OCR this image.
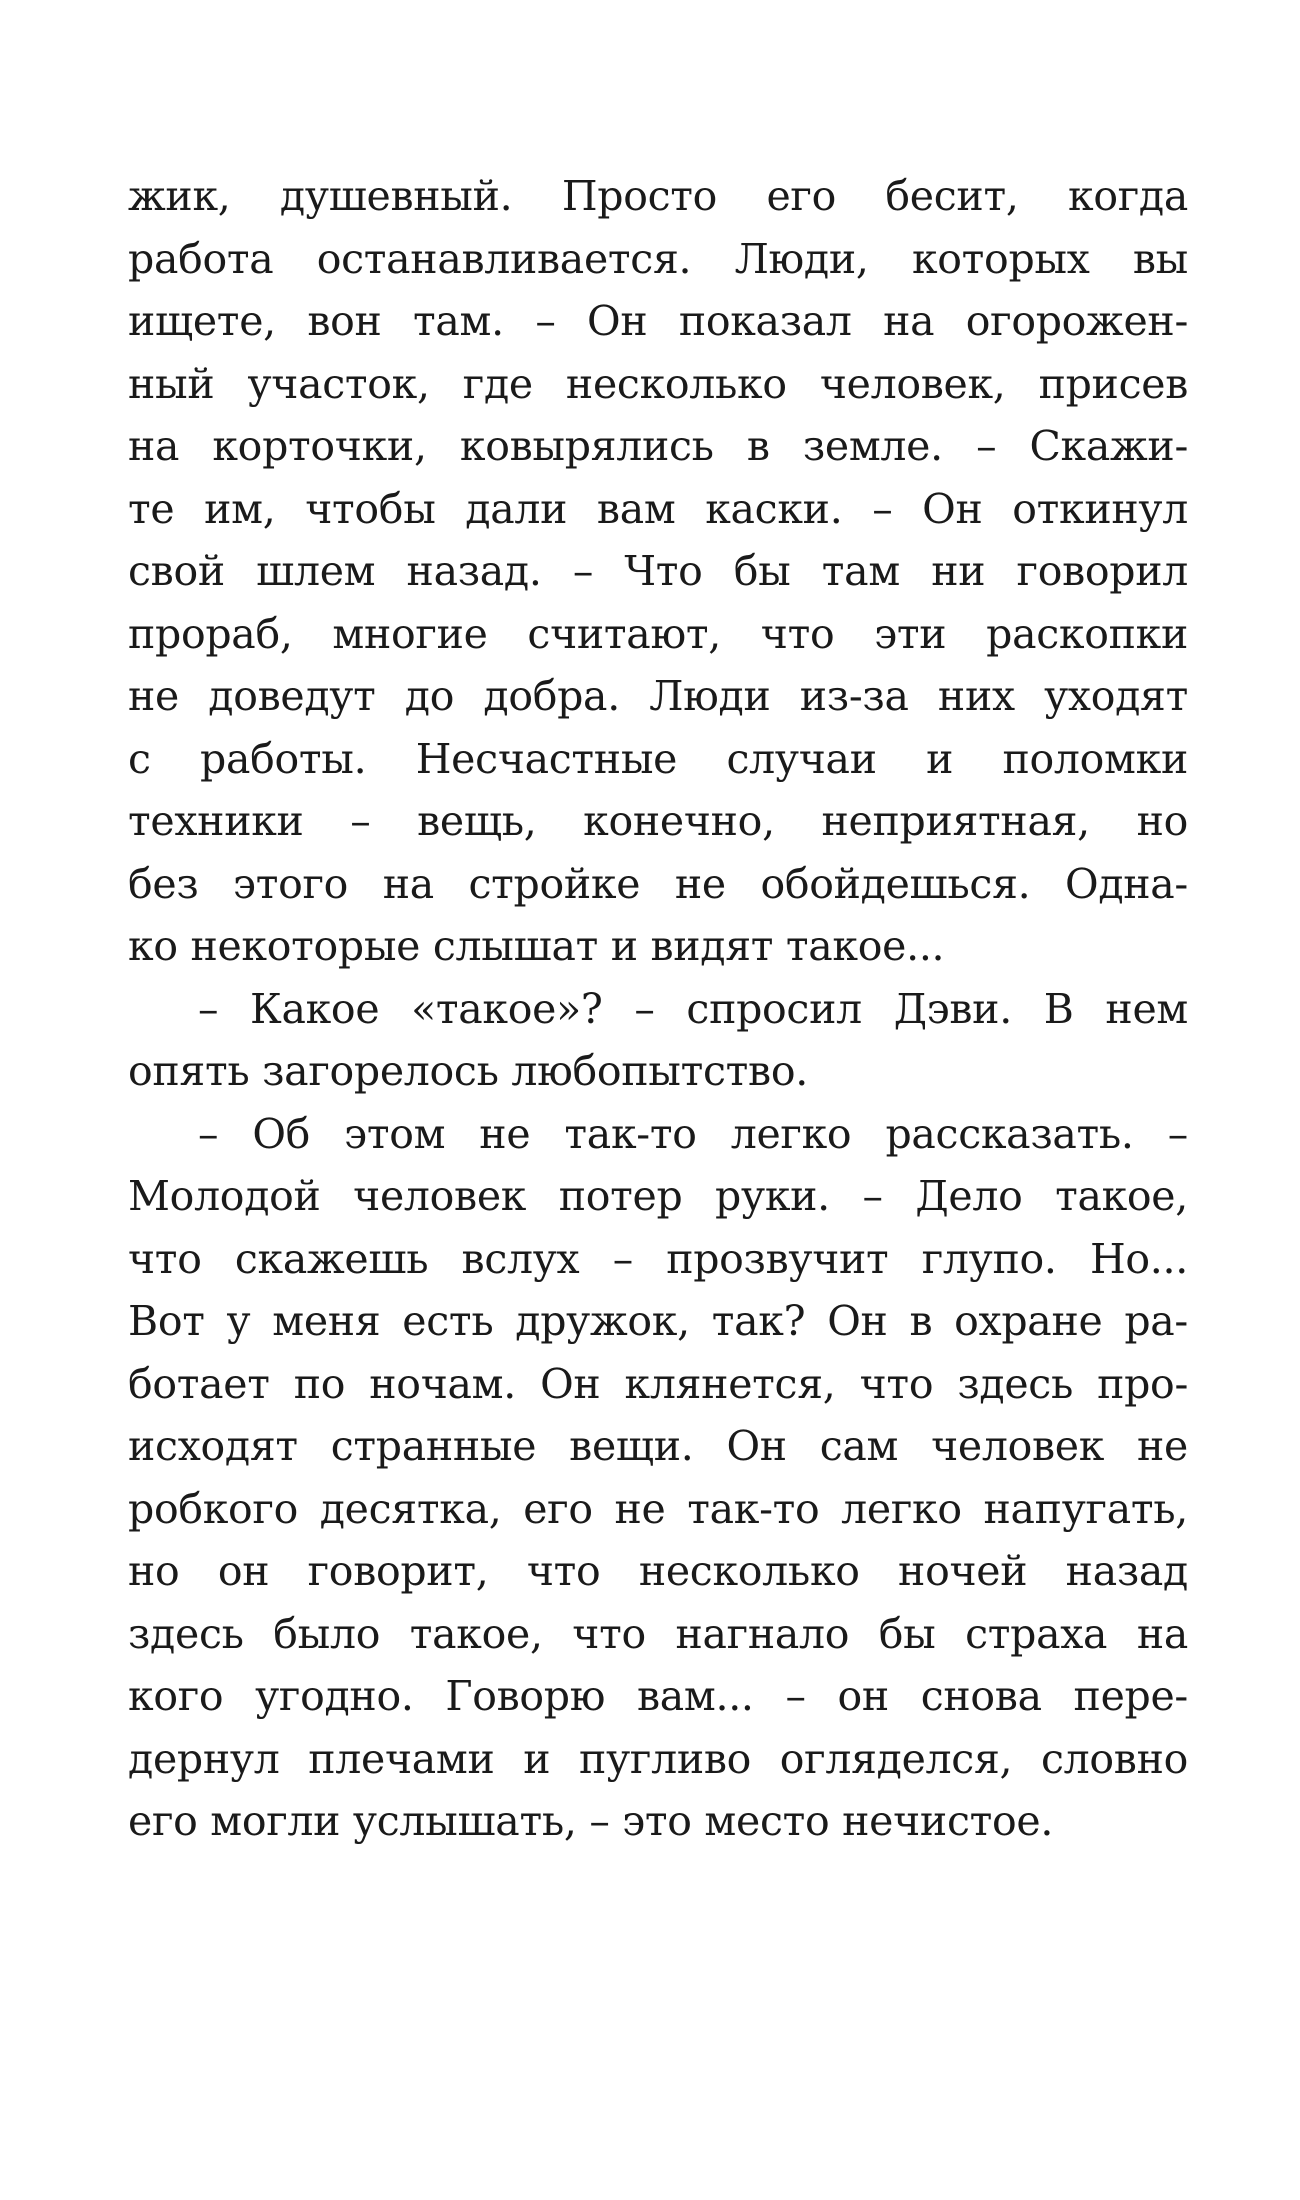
жик, душевный. Просто его бесит, когда
работа останавливается. Люди, которых вы
ищете, вон там. – Он показал на огорожен-
ный участок, где несколько человек, присев
на корточки, ковырялись в земле. – Скажи-
те им, чтобы дали вам каски. – Он откинул
свой шлем назад. – Что бы там ни говорил
прораб, многие считают, что эти раскопки
не доведут до добра. Люди из-за них уходят
с работы. Несчастные случаи и поломки
техники – вещь, конечно, неприятная, но
без этого на стройке не обойдешься. Одна-
ко некоторые слышат и видят такое...
– Какое «такое»? – спросил Дэви. В нем
опять загорелось любопытство.
– Об этом не так-то легко рассказать. –
Молодой человек потер руки. – Дело такое,
что скажешь вслух – прозвучит глупо. Но...
Вот у меня есть дружок, так? Он в охране ра-
ботает по ночам. Он клянется, что здесь про-
исходят странные вещи. Он сам человек не
робкого десятка, его не так-то легко напугать,
но он говорит, что несколько ночей назад
здесь было такое, что нагнало бы страха на
кого угодно. Говорю вам... – он снова пере-
дернул плечами и пугливо огляделся, словно
его могли услышать, – это место нечистое.
